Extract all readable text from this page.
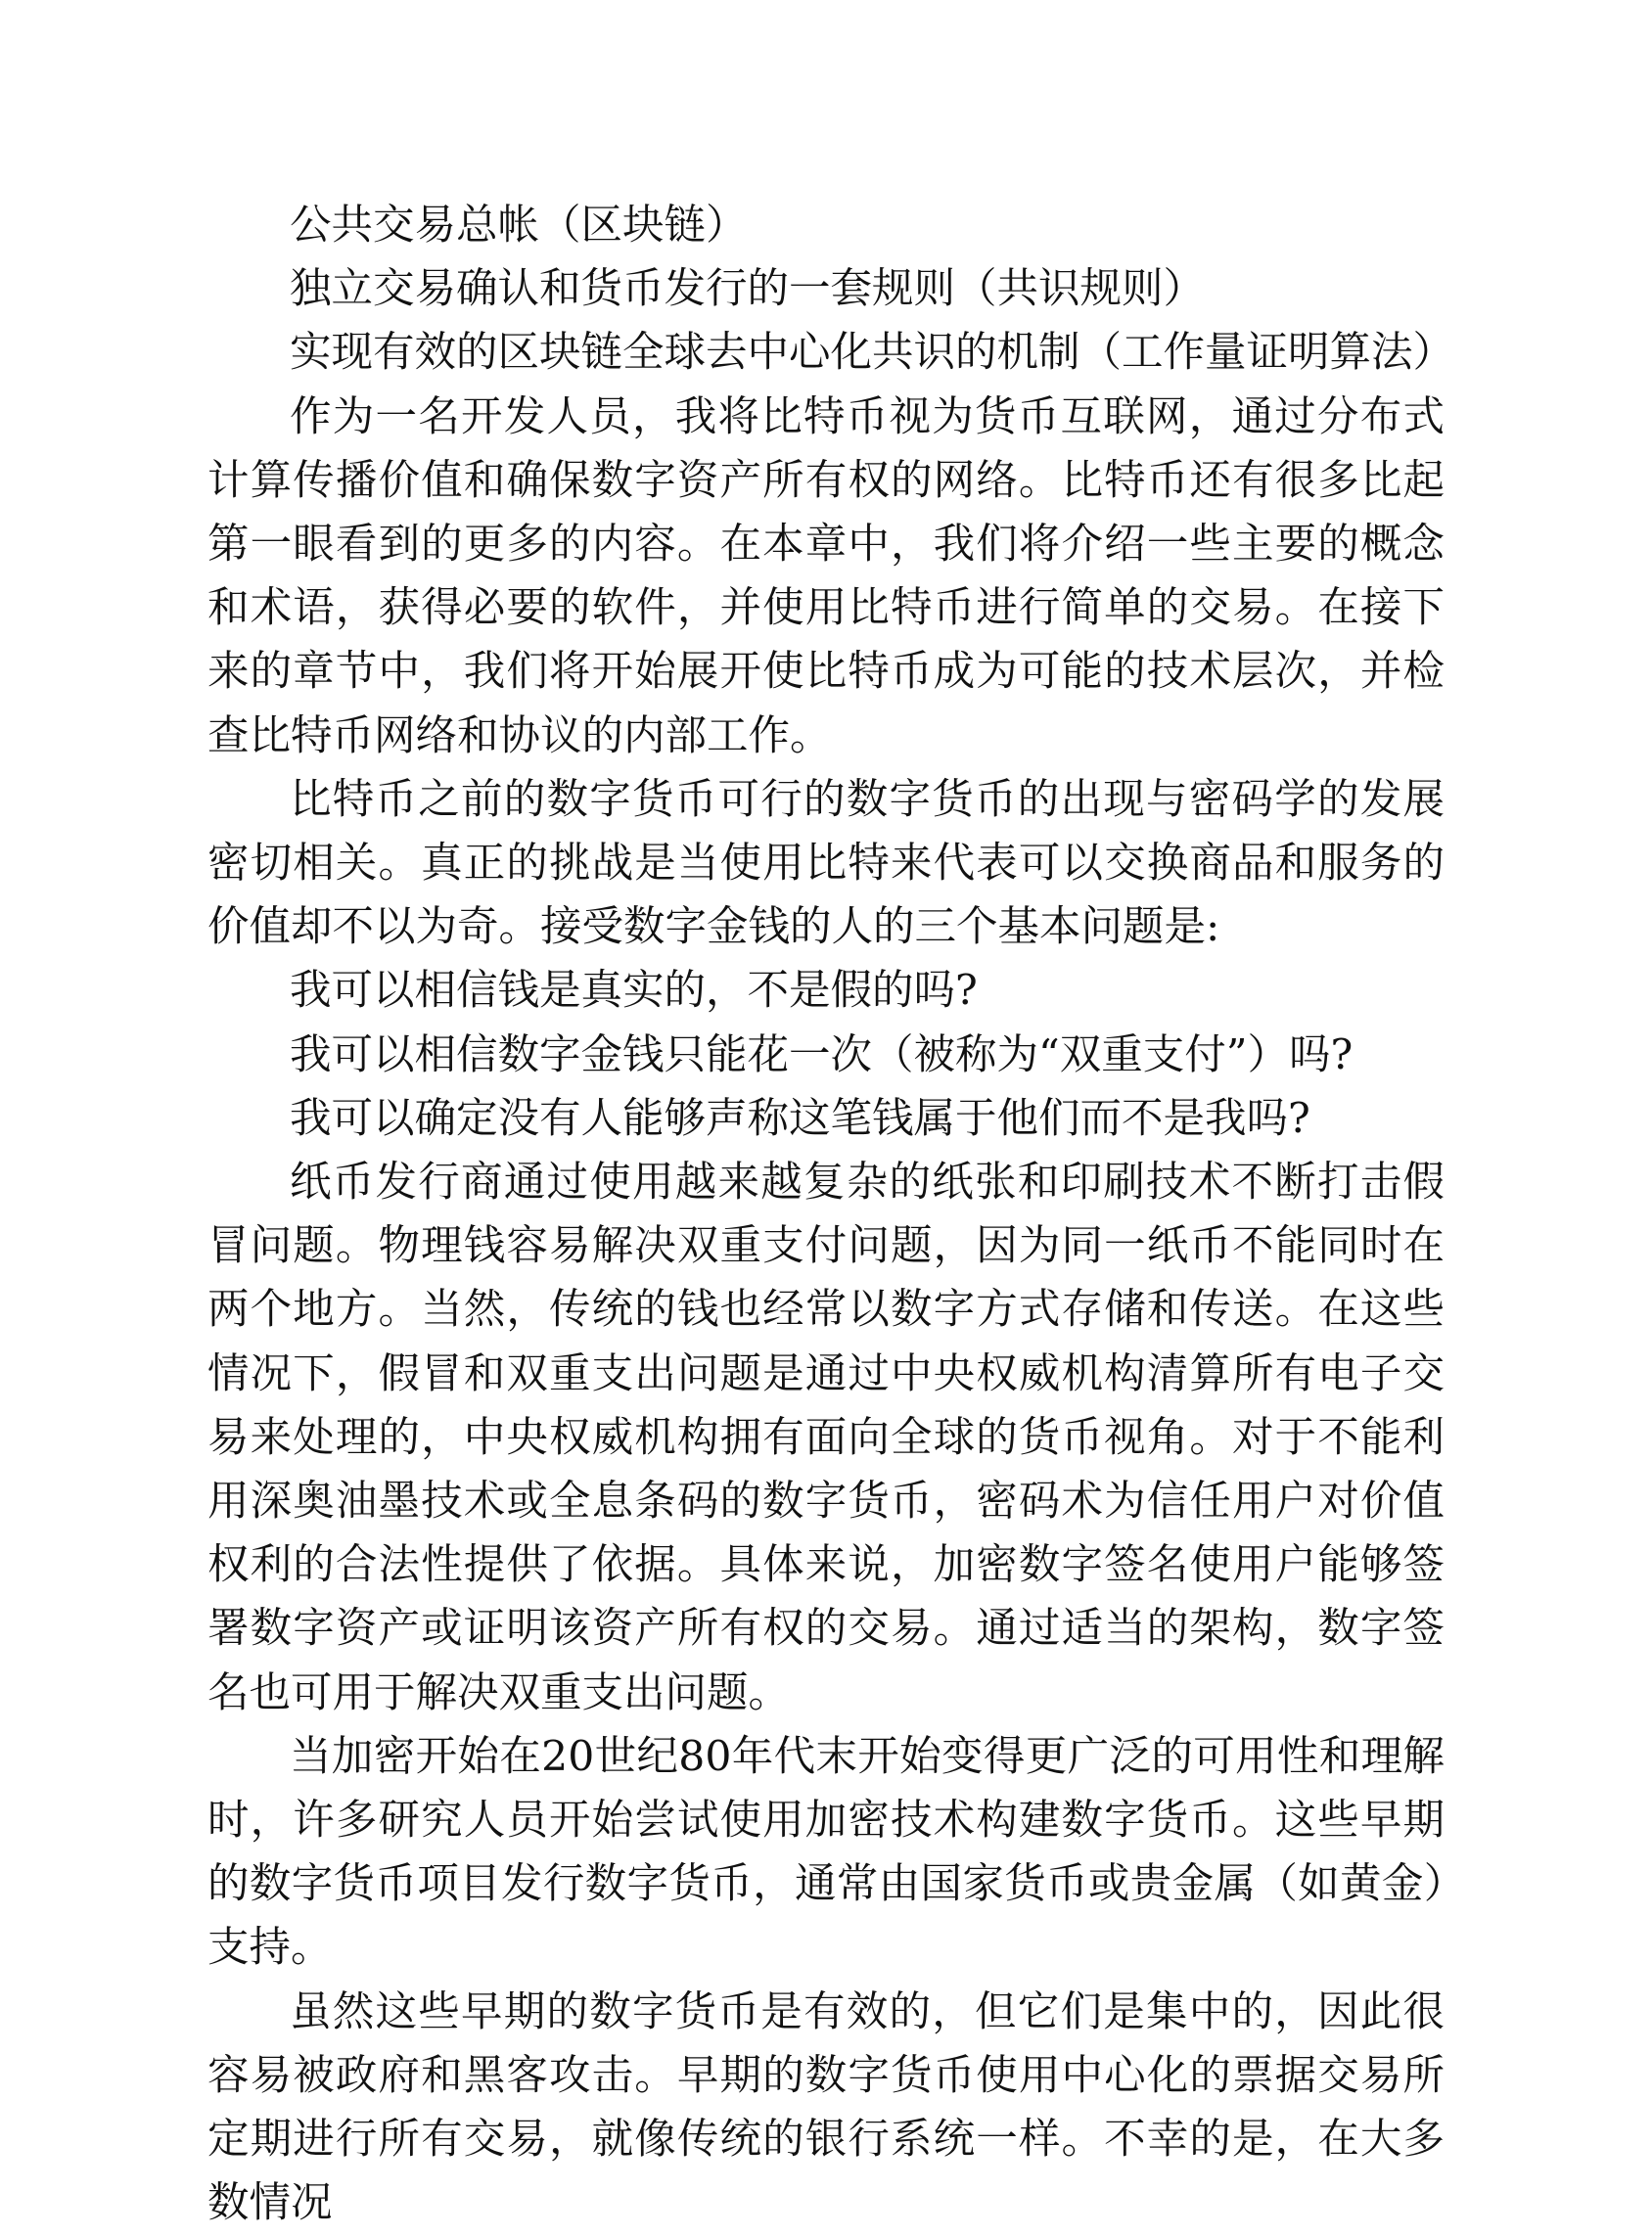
公共交易总帐（区块链）

独立交易确认和货币发行的一套规则（共识规则）

实现有效的区块链全球去中心化共识的机制（工作量证明算法）

作为一名开发人员，我将比特币视为货币互联网，通过分布式计算传播价值和确保数字资产所有权的网络。比特币还有很多比起第一眼看到的更多的内容。在本章中，我们将介绍一些主要的概念和术语，获得必要的软件，并使用比特币进行简单的交易。在接下来的章节中，我们将开始展开使比特币成为可能的技术层次，并检查比特币网络和协议的内部工作。

比特币之前的数字货币可行的数字货币的出现与密码学的发展密切相关。真正的挑战是当使用比特来代表可以交换商品和服务的价值却不以为奇。接受数字金钱的人的三个基本问题是:

我可以相信钱是真实的，不是假的吗?

我可以相信数字金钱只能花一次（被称为“双重支付”）吗?

我可以确定没有人能够声称这笔钱属于他们而不是我吗?

纸币发行商通过使用越来越复杂的纸张和印刷技术不断打击假冒问题。物理钱容易解决双重支付问题，因为同一纸币不能同时在两个地方。当然，传统的钱也经常以数字方式存储和传送。在这些情况下，假冒和双重支出问题是通过中央权威机构清算所有电子交易来处理的，中央权威机构拥有面向全球的货币视角。对于不能利用深奥油墨技术或全息条码的数字货币，密码术为信任用户对价值权利的合法性提供了依据。具体来说，加密数字签名使用户能够签署数字资产或证明该资产所有权的交易。通过适当的架构，数字签名也可用于解决双重支出问题。

当加密开始在20世纪80年代末开始变得更广泛的可用性和理解时，许多研究人员开始尝试使用加密技术构建数字货币。这些早期的数字货币项目发行数字货币，通常由国家货币或贵金属（如黄金）支持。

虽然这些早期的数字货币是有效的，但它们是集中的，因此很容易被政府和黑客攻击。早期的数字货币使用中心化的票据交易所定期进行所有交易，就像传统的银行系统一样。不幸的是，在大多数情况
